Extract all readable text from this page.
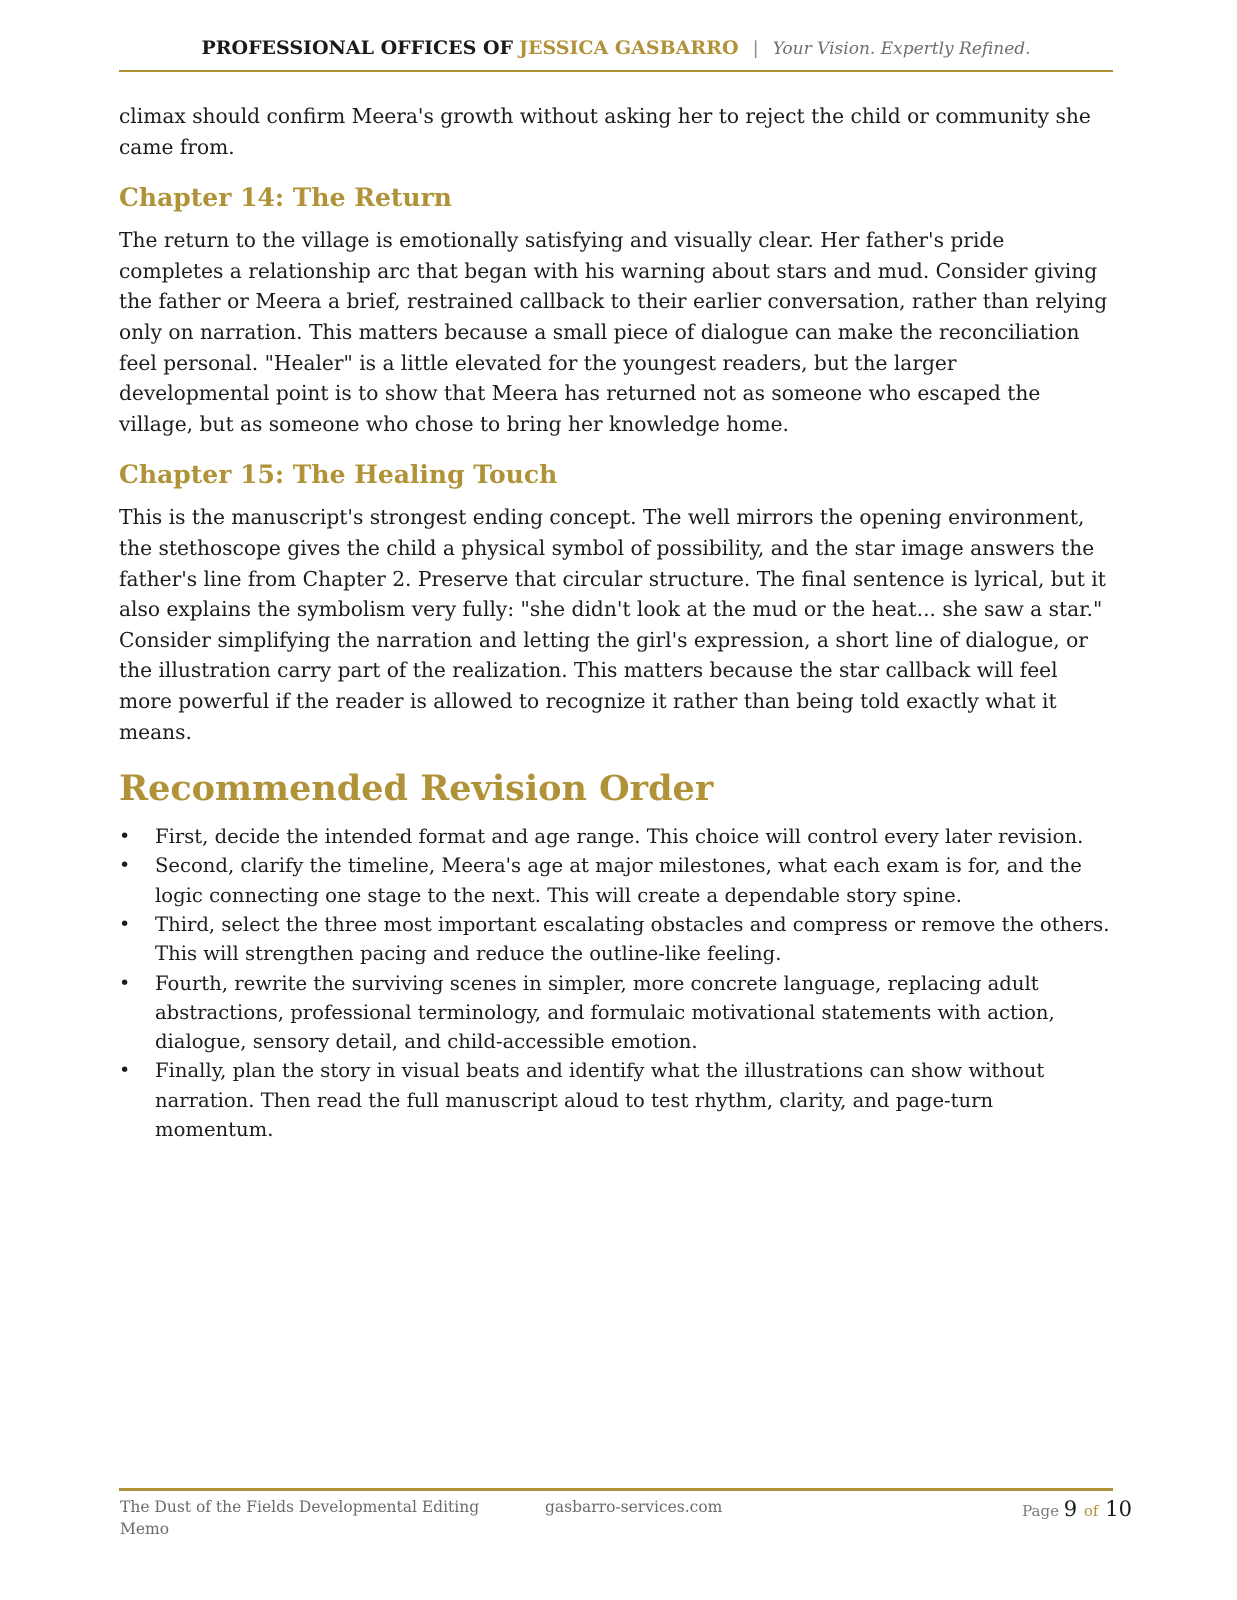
PROFESSIONAL OFFICES OF JESSICA GASBARRO | Your Vision. Expertly Refined.

climax should confirm Meera's growth without asking her to reject the child or community she came from.

Chapter 14: The Return

The return to the village is emotionally satisfying and visually clear. Her father's pride completes a relationship arc that began with his warning about stars and mud. Consider giving the father or Meera a brief, restrained callback to their earlier conversation, rather than relying only on narration. This matters because a small piece of dialogue can make the reconciliation feel personal. "Healer" is a little elevated for the youngest readers, but the larger developmental point is to show that Meera has returned not as someone who escaped the village, but as someone who chose to bring her knowledge home.

Chapter 15: The Healing Touch

This is the manuscript's strongest ending concept. The well mirrors the opening environment, the stethoscope gives the child a physical symbol of possibility, and the star image answers the father's line from Chapter 2. Preserve that circular structure. The final sentence is lyrical, but it also explains the symbolism very fully: "she didn't look at the mud or the heat... she saw a star." Consider simplifying the narration and letting the girl's expression, a short line of dialogue, or the illustration carry part of the realization. This matters because the star callback will feel more powerful if the reader is allowed to recognize it rather than being told exactly what it means.

Recommended Revision Order
• First, decide the intended format and age range. This choice will control every later revision.
• Second, clarify the timeline, Meera's age at major milestones, what each exam is for, and the logic connecting one stage to the next. This will create a dependable story spine.
• Third, select the three most important escalating obstacles and compress or remove the others. This will strengthen pacing and reduce the outline-like feeling.
• Fourth, rewrite the surviving scenes in simpler, more concrete language, replacing adult abstractions, professional terminology, and formulaic motivational statements with action, dialogue, sensory detail, and child-accessible emotion.
• Finally, plan the story in visual beats and identify what the illustrations can show without narration. Then read the full manuscript aloud to test rhythm, clarity, and page-turn momentum.
The Dust of the Fields Developmental Editing Memo
gasbarro-services.com	Page 9 of 10
